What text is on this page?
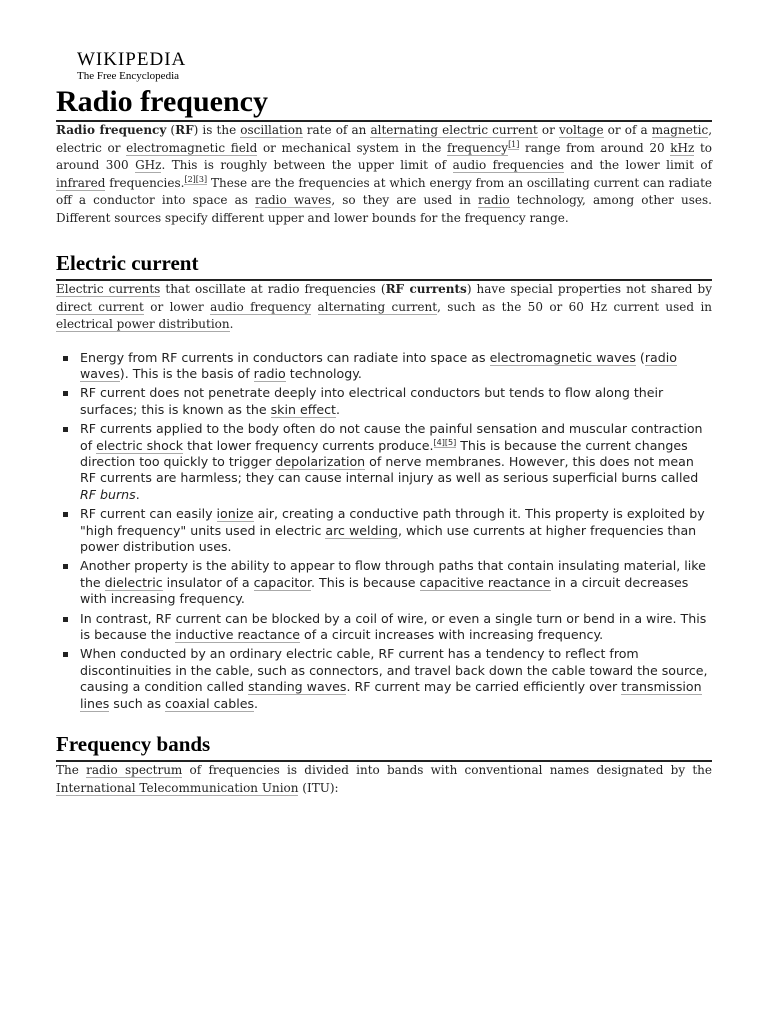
WIKIPEDIA
The Free Encyclopedia
Radio frequency

Radio frequency (RF) is the oscillation rate of an alternating electric current or voltage or of a magnetic, electric or electromagnetic field or mechanical system in the frequency[1] range from around 20 kHz to around 300 GHz. This is roughly between the upper limit of audio frequencies and the lower limit of infrared frequencies.[2][3] These are the frequencies at which energy from an oscillating current can radiate off a conductor into space as radio waves, so they are used in radio technology, among other uses. Different sources specify different upper and lower bounds for the frequency range.

Electric current

Electric currents that oscillate at radio frequencies (RF currents) have special properties not shared by direct current or lower audio frequency alternating current, such as the 50 or 60 Hz current used in electrical power distribution.

Energy from RF currents in conductors can radiate into space as electromagnetic waves (radio waves). This is the basis of radio technology.
RF current does not penetrate deeply into electrical conductors but tends to flow along their surfaces; this is known as the skin effect.
RF currents applied to the body often do not cause the painful sensation and muscular contraction of electric shock that lower frequency currents produce.[4][5] This is because the current changes direction too quickly to trigger depolarization of nerve membranes. However, this does not mean RF currents are harmless; they can cause internal injury as well as serious superficial burns called RF burns.
RF current can easily ionize air, creating a conductive path through it. This property is exploited by "high frequency" units used in electric arc welding, which use currents at higher frequencies than power distribution uses.
Another property is the ability to appear to flow through paths that contain insulating material, like the dielectric insulator of a capacitor. This is because capacitive reactance in a circuit decreases with increasing frequency.
In contrast, RF current can be blocked by a coil of wire, or even a single turn or bend in a wire. This is because the inductive reactance of a circuit increases with increasing frequency.
When conducted by an ordinary electric cable, RF current has a tendency to reflect from discontinuities in the cable, such as connectors, and travel back down the cable toward the source, causing a condition called standing waves. RF current may be carried efficiently over transmission lines such as coaxial cables.
Frequency bands

The radio spectrum of frequencies is divided into bands with conventional names designated by the International Telecommunication Union (ITU):
